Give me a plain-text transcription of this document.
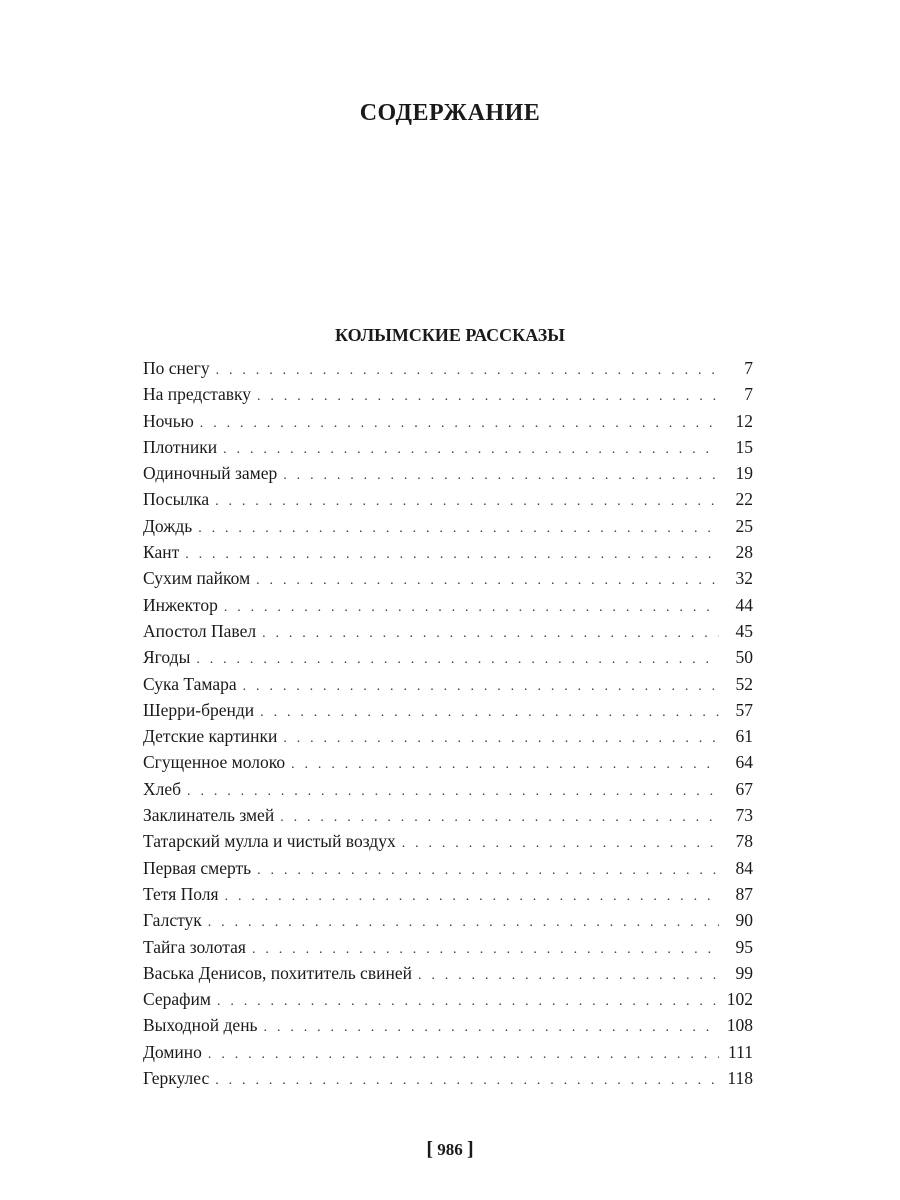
СОДЕРЖАНИЕ
КОЛЫМСКИЕ РАССКАЗЫ
По снегу . . .	7
На представку . . .	7
Ночью . . .	12
Плотники . . .	15
Одиночный замер . . .	19
Посылка . . .	22
Дождь . . .	25
Кант . . .	28
Сухим пайком . . .	32
Инжектор . . .	44
Апостол Павел . . .	45
Ягоды . . .	50
Сука Тамара . . .	52
Шерри-бренди . . .	57
Детские картинки . . .	61
Сгущенное молоко . . .	64
Хлеб . . .	67
Заклинатель змей . . .	73
Татарский мулла и чистый воздух . . .	78
Первая смерть . . .	84
Тетя Поля . . .	87
Галстук . . .	90
Тайга золотая . . .	95
Васька Денисов, похититель свиней . . .	99
Серафим . . .	102
Выходной день . . .	108
Домино . . .	111
Геркулес . . .	118
[ 986 ]
